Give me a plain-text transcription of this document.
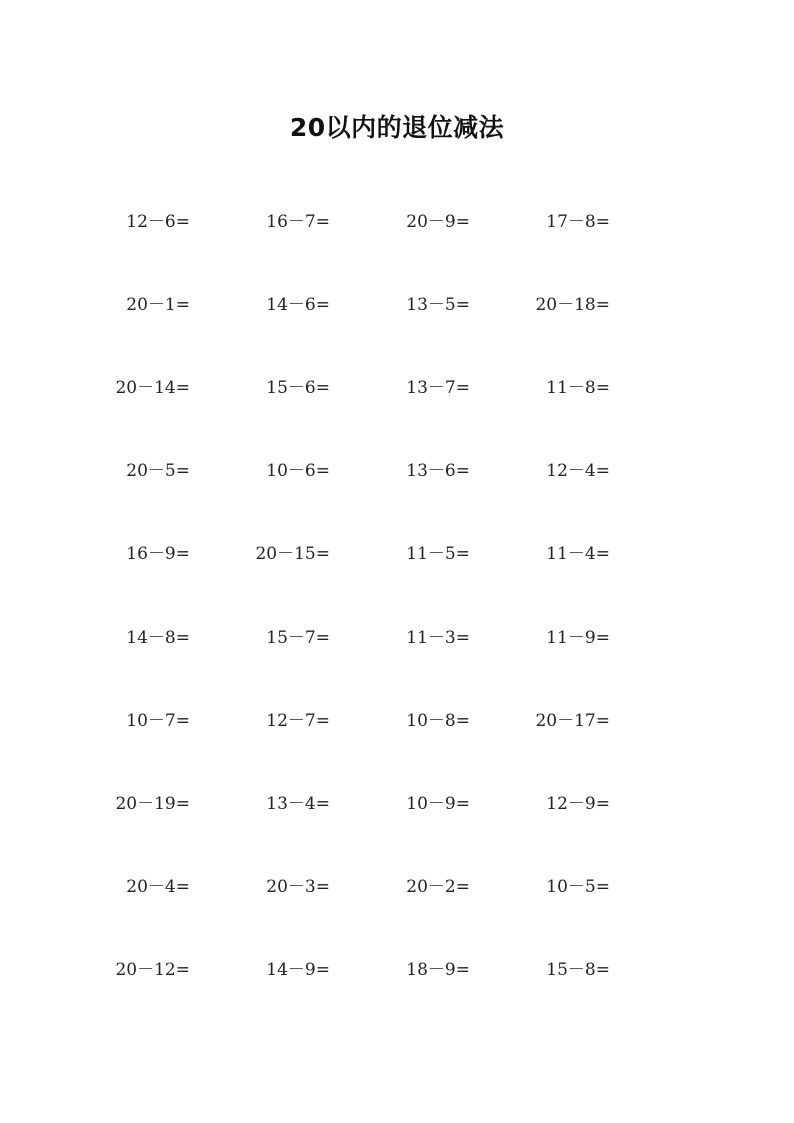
20以内的退位减法
12－6=	16－7=	20－9=	17－8=
20－1=	14－6=	13－5=	20－18=
20－14=	15－6=	13－7=	11－8=
20－5=	10－6=	13－6=	12－4=
16－9=	20－15=	11－5=	11－4=
14－8=	15－7=	11－3=	11－9=
10－7=	12－7=	10－8=	20－17=
20－19=	13－4=	10－9=	12－9=
20－4=	20－3=	20－2=	10－5=
20－12=	14－9=	18－9=	15－8=
